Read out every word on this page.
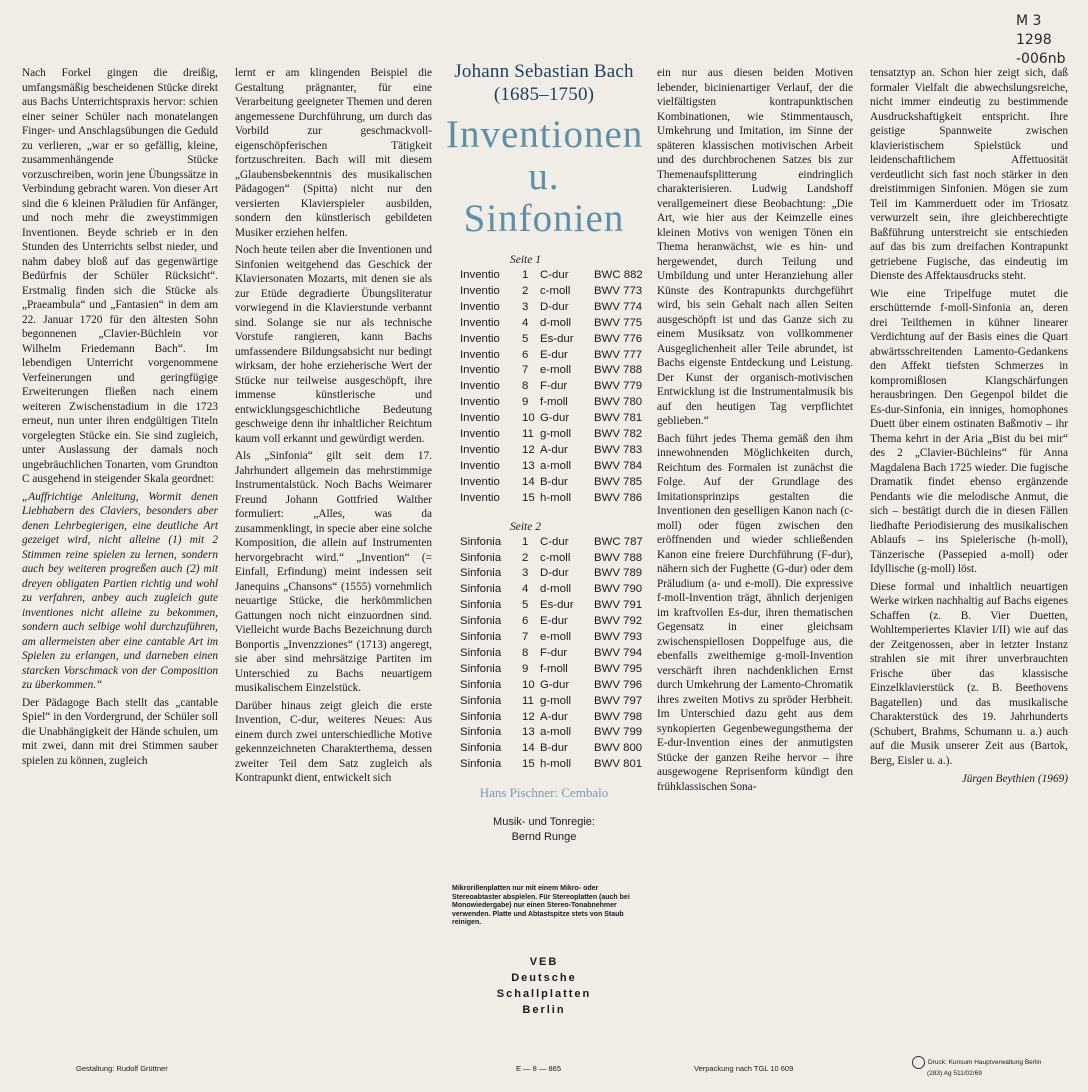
M 3
1298
-006nb

Nach Forkel gingen die dreißig, umfangsmäßig bescheidenen Stücke direkt aus Bachs Unterrichtspraxis hervor: schien einer seiner Schüler nach monatelangen Finger- und Anschlagsübungen die Geduld zu verlieren, „war er so gefällig, kleine, zusammenhängende Stücke vorzuschreiben, worin jene Übungssätze in Verbindung gebracht waren. Von dieser Art sind die 6 kleinen Präludien für Anfänger, und noch mehr die zweystimmigen Inventionen. Beyde schrieb er in den Stunden des Unterrichts selbst nieder, und nahm dabey bloß auf das gegenwärtige Bedürfnis der Schüler Rücksicht“. Erstmalig finden sich die Stücke als „Praeambula“ und „Fantasien“ in dem am 22. Januar 1720 für den ältesten Sohn begonnenen „Clavier-Büchlein vor Wilhelm Friedemann Bach“. Im lebendigen Unterricht vorgenommene Verfeinerungen und geringfügige Erweiterungen fließen nach einem weiteren Zwischenstadium in die 1723 erneut, nun unter ihren endgültigen Titeln vorgelegten Stücke ein. Sie sind zugleich, unter Auslassung der damals noch ungebräuchlichen Tonarten, vom Grundton C ausgehend in steigender Skala geordnet:

„Auffrichtige Anleitung, Wormit denen Liebhabern des Claviers, besonders aber denen Lehrbegierigen, eine deutliche Art gezeiget wird, nicht alleine (1) mit 2 Stimmen reine spielen zu lernen, sondern auch bey weiteren progreßen auch (2) mit dreyen obligaten Partien richtig und wohl zu verfahren, anbey auch zugleich gute inventiones nicht alleine zu bekommen, sondern auch selbige wohl durchzuführen, am allermeisten aber eine cantable Art im Spielen zu erlangen, und darneben einen starcken Vorschmack von der Composition zu überkommen.“

Der Pädagoge Bach stellt das „cantable Spiel“ in den Vordergrund, der Schüler soll die Unabhängigkeit der Hände schulen, um mit zwei, dann mit drei Stimmen sauber spielen zu können, zugleich

lernt er am klingenden Beispiel die Gestaltung prägnanter, für eine Verarbeitung geeigneter Themen und deren angemessene Durchführung, um durch das Vorbild zur geschmackvoll-eigenschöpferischen Tätigkeit fortzuschreiten. Bach will mit diesem „Glaubensbekenntnis des musikalischen Pädagogen“ (Spitta) nicht nur den versierten Klavierspieler ausbilden, sondern den künstlerisch gebildeten Musiker erziehen helfen.

Noch heute teilen aber die Inventionen und Sinfonien weitgehend das Geschick der Klaviersonaten Mozarts, mit denen sie als zur Etüde degradierte Übungsliteratur vorwiegend in die Klavierstunde verbannt sind. Solange sie nur als technische Vorstufe rangieren, kann Bachs umfassendere Bildungsabsicht nur bedingt wirksam, der hohe erzieherische Wert der Stücke nur teilweise ausgeschöpft, ihre immense künstlerische und entwicklungsgeschichtliche Bedeutung geschweige denn ihr inhaltlicher Reichtum kaum voll erkannt und gewürdigt werden.

Als „Sinfonia“ gilt seit dem 17. Jahrhundert allgemein das mehrstimmige Instrumentalstück. Noch Bachs Weimarer Freund Johann Gottfried Walther formuliert: „Alles, was da zusammenklingt, in specie aber eine solche Komposition, die allein auf Instrumenten hervorgebracht wird.“ „Invention“ (= Einfall, Erfindung) meint indessen seit Janequins „Chansons“ (1555) vornehmlich neuartige Stücke, die herkömmlichen Gattungen noch nicht einzuordnen sind. Vielleicht wurde Bachs Bezeichnung durch Bonportis „Invenzziones“ (1713) angeregt, sie aber sind mehrsätzige Partiten im Unterschied zu Bachs neuartigem musikalischem Einzelstück.

Darüber hinaus zeigt gleich die erste Invention, C-dur, weiteres Neues: Aus einem durch zwei unterschiedliche Motive gekennzeichneten Charakterthema, dessen zweiter Teil dem Satz zugleich als Kontrapunkt dient, entwickelt sich

Johann Sebastian Bach
(1685–1750)
Inventionen
u. Sinfonien
Seite 1
Inventio 1 C-dur BWC 882
Inventio 2 c-moll BWV 773
Inventio 3 D-dur BWV 774
Inventio 4 d-moll BWV 775
Inventio 5 Es-dur BWV 776
Inventio 6 E-dur BWV 777
Inventio 7 e-moll BWV 788
Inventio 8 F-dur BWV 779
Inventio 9 f-moll BWV 780
Inventio 10 G-dur BWV 781
Inventio 11 g-moll BWV 782
Inventio 12 A-dur BWV 783
Inventio 13 a-moll BWV 784
Inventio 14 B-dur BWV 785
Inventio 15 h-moll BWV 786
Seite 2
Sinfonia 1 C-dur BWC 787
Sinfonia 2 c-moll BWV 788
Sinfonia 3 D-dur BWV 789
Sinfonia 4 d-moll BWV 790
Sinfonia 5 Es-dur BWV 791
Sinfonia 6 E-dur BWV 792
Sinfonia 7 e-moll BWV 793
Sinfonia 8 F-dur BWV 794
Sinfonia 9 f-moll BWV 795
Sinfonia 10 G-dur BWV 796
Sinfonia 11 g-moll BWV 797
Sinfonia 12 A-dur BWV 798
Sinfonia 13 a-moll BWV 799
Sinfonia 14 B-dur BWV 800
Sinfonia 15 h-moll BWV 801
Hans Pischner: Cembalo
Musik- und Tonregie:
Bernd Runge
Mikrorillenplatten nur mit einem Mikro- oder Stereoabtaster abspielen. Für Stereoplatten (auch bei Monowiedergabe) nur einen Stereo-Tonabnehmer verwenden. Platte und Abtastspitze stets von Staub reinigen.
VEB
Deutsche
Schallplatten
Berlin

ein nur aus diesen beiden Motiven lebender, bicinienartiger Verlauf, der die vielfältigsten kontrapunktischen Kombinationen, wie Stimmentausch, Umkehrung und Imitation, im Sinne der späteren klassischen motivischen Arbeit und des durchbrochenen Satzes bis zur Themenaufsplitterung eindringlich charakterisieren. Ludwig Landshoff verallgemeinert diese Beobachtung: „Die Art, wie hier aus der Keimzelle eines kleinen Motivs von wenigen Tönen ein Thema heranwächst, wie es hin- und hergewendet, durch Teilung und Umbildung und unter Heranziehung aller Künste des Kontrapunkts durchgeführt wird, bis sein Gehalt nach allen Seiten ausgeschöpft ist und das Ganze sich zu einem Musiksatz von vollkommener Ausgeglichenheit aller Teile abrundet, ist Bachs eigenste Entdeckung und Leistung. Der Kunst der organisch-motivischen Entwicklung ist die Instrumentalmusik bis auf den heutigen Tag verpflichtet geblieben.“

Bach führt jedes Thema gemäß den ihm innewohnenden Möglichkeiten durch, Reichtum des Formalen ist zunächst die Folge. Auf der Grundlage des Imitationsprinzips gestalten die Inventionen den geselligen Kanon nach (c-moll) oder fügen zwischen den eröffnenden und wieder schließenden Kanon eine freiere Durchführung (F-dur), nähern sich der Fughette (G-dur) oder dem Präludium (a- und e-moll). Die expressive f-moll-Invention trägt, ähnlich derjenigen im kraftvollen Es-dur, ihren thematischen Gegensatz in einer gleichsam zwischenspiellosen Doppelfuge aus, die ebenfalls zweithemige g-moll-Invention verschärft ihren nachdenklichen Ernst durch Umkehrung der Lamento-Chromatik ihres zweiten Motivs zu spröder Herbheit. Im Unterschied dazu geht aus dem synkopierten Gegenbewegungsthema der E-dur-Invention eines der anmutigsten Stücke der ganzen Reihe hervor – ihre ausgewogene Reprisenform kündigt den frühklassischen Sona-

tensatztyp an. Schon hier zeigt sich, daß formaler Vielfalt die abwechslungsreiche, nicht immer eindeutig zu bestimmende Ausdruckshaftigkeit entspricht. Ihre geistige Spannweite zwischen klavieristischem Spielstück und leidenschaftlichem Affettuosität verdeutlicht sich fast noch stärker in den dreistimmigen Sinfonien. Mögen sie zum Teil im Kammerduett oder im Triosatz verwurzelt sein, ihre gleichberechtigte Baßführung unterstreicht sie entschieden auf das bis zum dreifachen Kontrapunkt getriebene Fugische, das eindeutig im Dienste des Affektausdrucks steht.

Wie eine Tripelfuge mutet die erschütternde f-moll-Sinfonia an, deren drei Teilthemen in kühner linearer Verdichtung auf der Basis eines die Quart abwärtsschreitenden Lamento-Gedankens den Affekt tiefsten Schmerzes in kompromißlosen Klangschärfungen herausbringen. Den Gegenpol bildet die Es-dur-Sinfonia, ein inniges, homophones Duett über einem ostinaten Baßmotiv – ihr Thema kehrt in der Aria „Bist du bei mir“ des 2 „Clavier-Büchleins“ für Anna Magdalena Bach 1725 wieder. Die fugische Dramatik findet ebenso ergänzende Pendants wie die melodische Anmut, die sich – bestätigt durch die in diesen Fällen liedhafte Periodisierung des musikalischen Ablaufs – ins Spielerische (h-moll), Tänzerische (Passepied a-moll) oder Idyllische (g-moll) löst.

Diese formal und inhaltlich neuartigen Werke wirken nachhaltig auf Bachs eigenes Schaffen (z. B. Vier Duetten, Wohltemperiertes Klavier I/II) wie auf das der Zeitgenossen, aber in letzter Instanz strahlen sie mit ihrer unverbrauchten Frische über das klassische Einzelklavierstück (z. B. Beethovens Bagatellen) und das musikalische Charakterstück des 19. Jahrhunderts (Schubert, Brahms, Schumann u. a.) auch auf die Musik unserer Zeit aus (Bartok, Berg, Eisler u. a.).

Jürgen Beythien (1969)
Gestaltung: Rudolf Grüttner	E — 8 — 865	Verpackung nach TGL 10 609
Druck: Kunsum Hauptverwaltung Berlin
(283) Ag 511/02/69
